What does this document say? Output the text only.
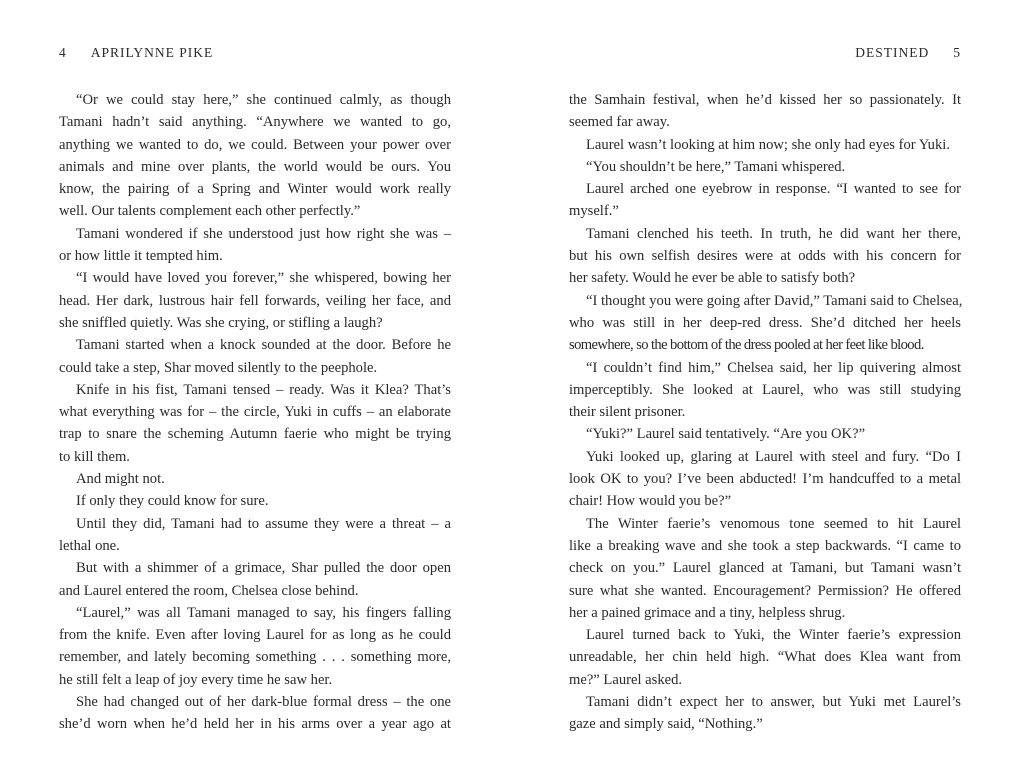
4 APRILYNNE PIKE
“Or we could stay here,” she continued calmly, as though
Tamani hadn’t said anything. “Anywhere we wanted to go,
anything we wanted to do, we could. Between your power over
animals and mine over plants, the world would be ours. You
know, the pairing of a Spring and Winter would work really
well. Our talents complement each other perfectly.”
Tamani wondered if she understood just how right she was –
or how little it tempted him.
“I would have loved you forever,” she whispered, bowing her
head. Her dark, lustrous hair fell forwards, veiling her face, and
she sniffled quietly. Was she crying, or stifling a laugh?
Tamani started when a knock sounded at the door. Before he
could take a step, Shar moved silently to the peephole.
Knife in his fist, Tamani tensed – ready. Was it Klea? That’s
what everything was for – the circle, Yuki in cuffs – an elaborate
trap to snare the scheming Autumn faerie who might be trying
to kill them.
And might not.
If only they could know for sure.
Until they did, Tamani had to assume they were a threat – a
lethal one.
But with a shimmer of a grimace, Shar pulled the door open
and Laurel entered the room, Chelsea close behind.
“Laurel,” was all Tamani managed to say, his fingers falling
from the knife. Even after loving Laurel for as long as he could
remember, and lately becoming something . . . something more,
he still felt a leap of joy every time he saw her.
She had changed out of her dark-blue formal dress – the one
she’d worn when he’d held her in his arms over a year ago at
DESTINED 5
the Samhain festival, when he’d kissed her so passionately. It
seemed far away.
Laurel wasn’t looking at him now; she only had eyes for Yuki.
“You shouldn’t be here,” Tamani whispered.
Laurel arched one eyebrow in response. “I wanted to see for
myself.”
Tamani clenched his teeth. In truth, he did want her there,
but his own selfish desires were at odds with his concern for
her safety. Would he ever be able to satisfy both?
“I thought you were going after David,” Tamani said to Chelsea,
who was still in her deep-red dress. She’d ditched her heels
somewhere, so the bottom of the dress pooled at her feet like blood.
“I couldn’t find him,” Chelsea said, her lip quivering almost
imperceptibly. She looked at Laurel, who was still studying
their silent prisoner.
“Yuki?” Laurel said tentatively. “Are you OK?”
Yuki looked up, glaring at Laurel with steel and fury. “Do I
look OK to you? I’ve been abducted! I’m handcuffed to a metal
chair! How would you be?”
The Winter faerie’s venomous tone seemed to hit Laurel
like a breaking wave and she took a step backwards. “I came to
check on you.” Laurel glanced at Tamani, but Tamani wasn’t
sure what she wanted. Encouragement? Permission? He offered
her a pained grimace and a tiny, helpless shrug.
Laurel turned back to Yuki, the Winter faerie’s expression
unreadable, her chin held high. “What does Klea want from
me?” Laurel asked.
Tamani didn’t expect her to answer, but Yuki met Laurel’s
gaze and simply said, “Nothing.”
